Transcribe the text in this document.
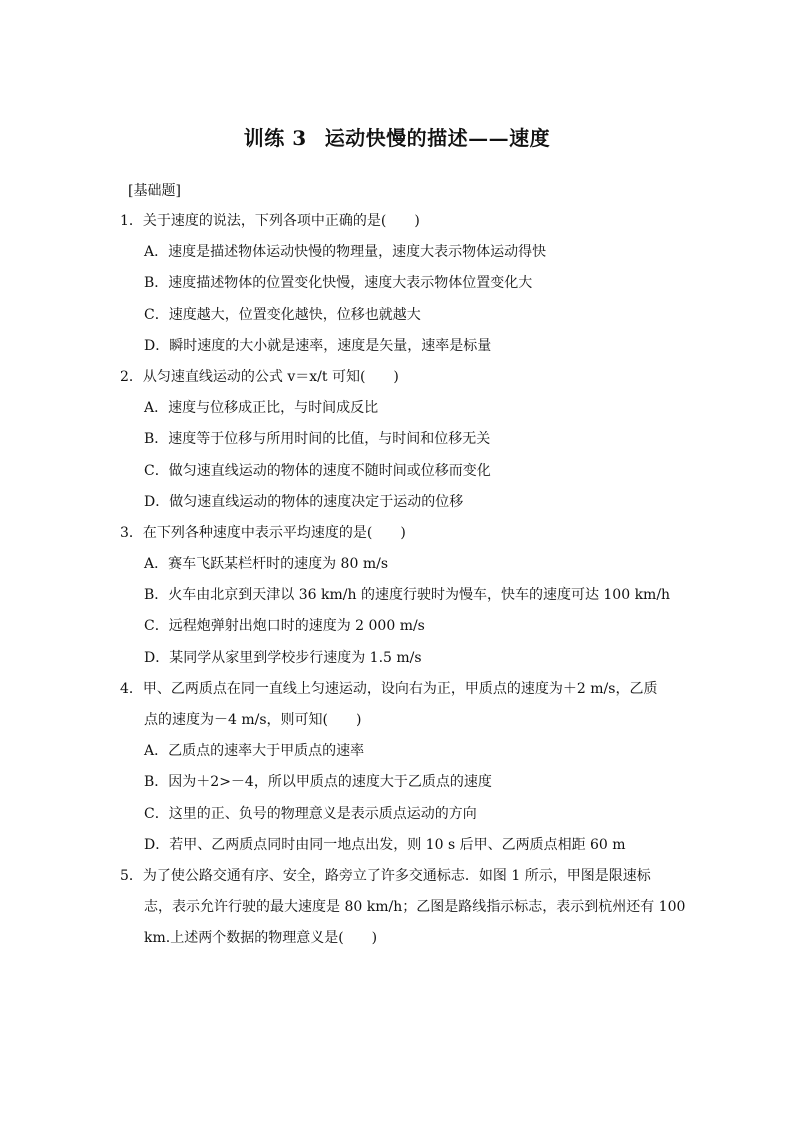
训练 3 运动快慢的描述——速度
[基础题]
1．关于速度的说法，下列各项中正确的是(　　)
A．速度是描述物体运动快慢的物理量，速度大表示物体运动得快
B．速度描述物体的位置变化快慢，速度大表示物体位置变化大
C．速度越大，位置变化越快，位移也就越大
D．瞬时速度的大小就是速率，速度是矢量，速率是标量
2．从匀速直线运动的公式 v＝x/t 可知(　　)
A．速度与位移成正比，与时间成反比
B．速度等于位移与所用时间的比值，与时间和位移无关
C．做匀速直线运动的物体的速度不随时间或位移而变化
D．做匀速直线运动的物体的速度决定于运动的位移
3．在下列各种速度中表示平均速度的是(　　)
A．赛车飞跃某栏杆时的速度为 80 m/s
B．火车由北京到天津以 36 km/h 的速度行驶时为慢车，快车的速度可达 100 km/h
C．远程炮弹射出炮口时的速度为 2 000 m/s
D．某同学从家里到学校步行速度为 1.5 m/s
4．甲、乙两质点在同一直线上匀速运动，设向右为正，甲质点的速度为＋2 m/s，乙质
点的速度为－4 m/s，则可知(　　)
A．乙质点的速率大于甲质点的速率
B．因为＋2>－4，所以甲质点的速度大于乙质点的速度
C．这里的正、负号的物理意义是表示质点运动的方向
D．若甲、乙两质点同时由同一地点出发，则 10 s 后甲、乙两质点相距 60 m
5．为了使公路交通有序、安全，路旁立了许多交通标志．如图 1 所示，甲图是限速标
志，表示允许行驶的最大速度是 80 km/h；乙图是路线指示标志，表示到杭州还有 100
km.上述两个数据的物理意义是(　　)
